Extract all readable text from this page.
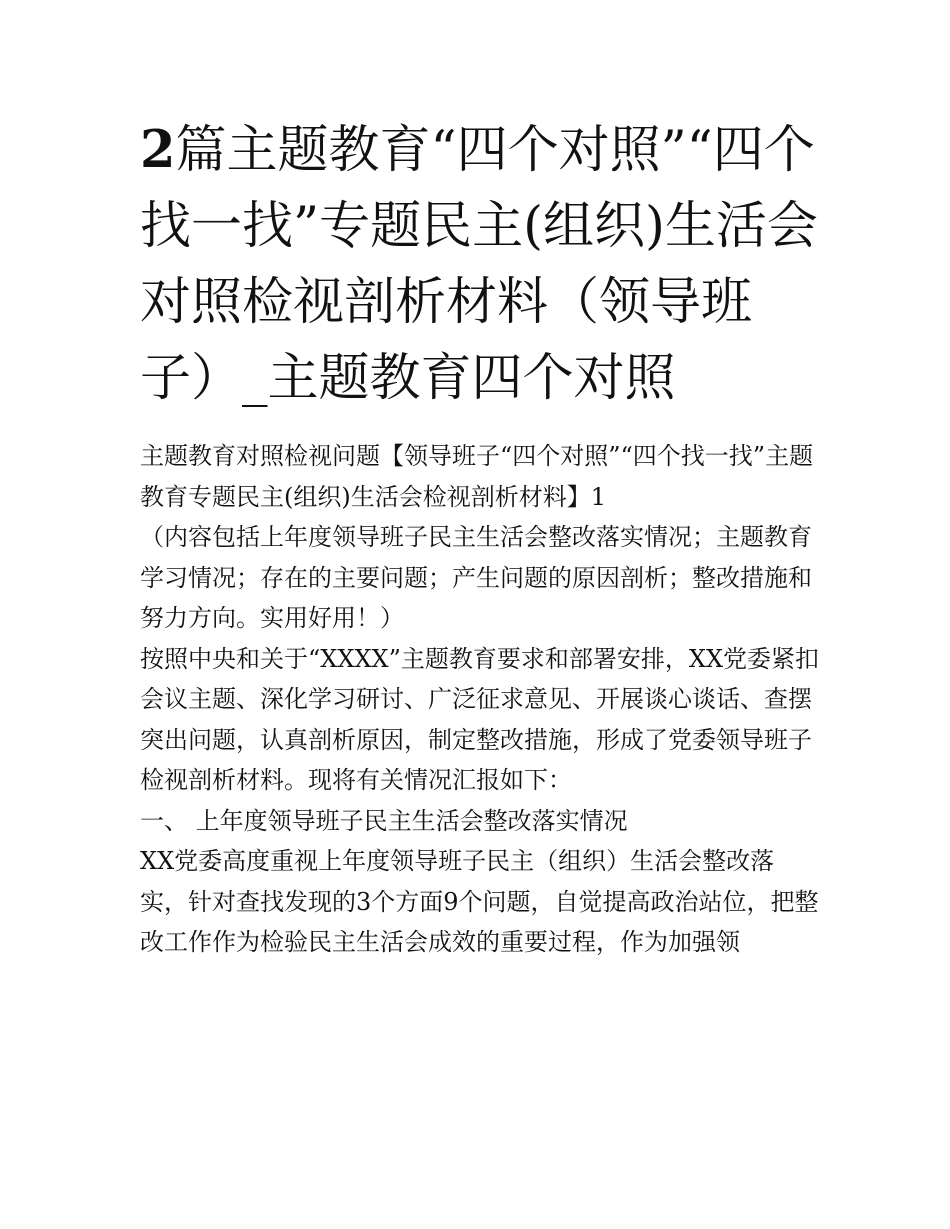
2篇主题教育“四个对照”“四个找一找”专题民主(组织)生活会对照检视剖析材料（领导班子）_主题教育四个对照

主题教育对照检视问题【领导班子“四个对照”“四个找一找”主题教育专题民主(组织)生活会检视剖析材料】1

（内容包括上年度领导班子民主生活会整改落实情况；主题教育学习情况；存在的主要问题；产生问题的原因剖析；整改措施和努力方向。实用好用！）

按照中央和关于“XXXX”主题教育要求和部署安排，XX党委紧扣会议主题、深化学习研讨、广泛征求意见、开展谈心谈话、查摆突出问题，认真剖析原因，制定整改措施，形成了党委领导班子检视剖析材料。现将有关情况汇报如下：

一、 上年度领导班子民主生活会整改落实情况

XX党委高度重视上年度领导班子民主（组织）生活会整改落实，针对查找发现的3个方面9个问题，自觉提高政治站位，把整改工作作为检验民主生活会成效的重要过程，作为加强领
